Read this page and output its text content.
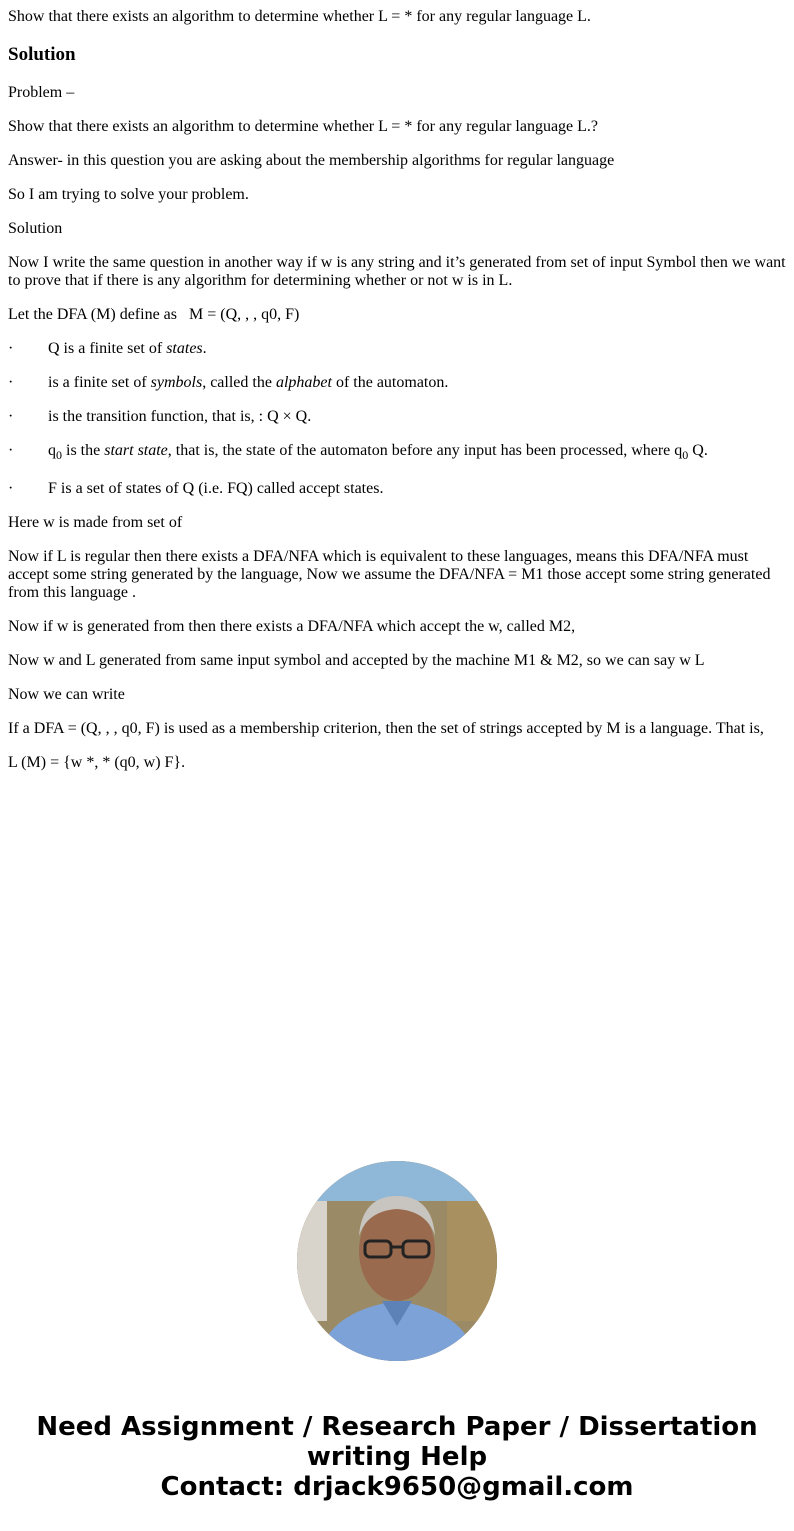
Show that there exists an algorithm to determine whether L = * for any regular language L.

Solution

Problem –

Show that there exists an algorithm to determine whether L = * for any regular language L.?

Answer- in this question you are asking about the membership algorithms for regular language

So I am trying to solve your problem.

Solution

Now I write the same question in another way if w is any string and it’s generated from set of input Symbol then we want to prove that if there is any algorithm for determining whether or not w is in L.

Let the DFA (M) define as   M = (Q, , , q0, F)

·	Q is a finite set of states.

·	is a finite set of symbols, called the alphabet of the automaton.

·	is the transition function, that is, : Q × Q.

·	$q_0$ is the start state, that is, the state of the automaton before any input has been processed, where $q_0$ Q.

·	F is a set of states of Q (i.e. FQ) called accept states.

Here w is made from set of

Now if L is regular then there exists a DFA/NFA which is equivalent to these languages, means this DFA/NFA must accept some string generated by the language, Now we assume the DFA/NFA = M1 those accept some string generated from this language .

Now if w is generated from then there exists a DFA/NFA which accept the w, called M2,

Now w and L generated from same input symbol and accepted by the machine M1 & M2, so we can say w L

Now we can write

If a DFA = (Q, , , q0, F) is used as a membership criterion, then the set of strings accepted by M is a language. That is,

L (M) = {w *, * (q0, w) F}.

Need Assignment / Research Paper / Dissertation
writing Help
Contact: drjack9650@gmail.com
